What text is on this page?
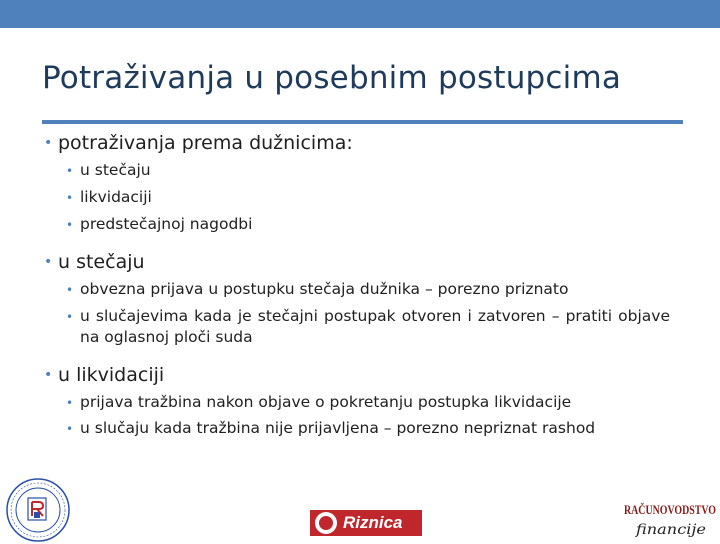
Potraživanja u posebnim postupcima
• potraživanja prema dužnicima:
• u stečaju
• likvidaciji
• predstečajnoj nagodbi
• u stečaju
• obvezna prijava u postupku stečaja dužnika – porezno priznato
• u slučajevima kada je stečajni postupak otvoren i zatvoren – pratiti objave na oglasnoj ploči suda
• u likvidaciji
• prijava tražbina nakon objave o pokretanju postupka likvidacije
• u slučaju kada tražbina nije prijavljena – porezno nepriznat rashod
Riznica
RAČUNOVODSTVO
financije
